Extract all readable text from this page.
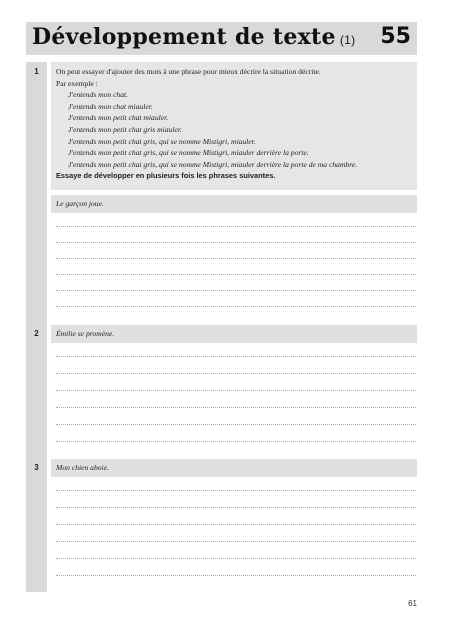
Développement de texte (1) 55
1
2
3
On peut essayer d'ajouter des mots à une phrase pour mieux décrire la situation décrite.
Par exemple :
J'entends mon chat.
J'entends mon chat miauler.
J'entends mon petit chat miauler.
J'entends mon petit chat gris miauler.
J'entends mon petit chat gris, qui se nomme Mistigri, miauler.
J'entends mon petit chat gris, qui se nomme Mistigri, miauler derrière la porte.
J'entends mon petit chat gris, qui se nomme Mistigri, miauler derrière la porte de ma chambre.
Essaye de développer en plusieurs fois les phrases suivantes.
Le garçon joue.
Émilie se promène.
Mon chien aboie.
61
